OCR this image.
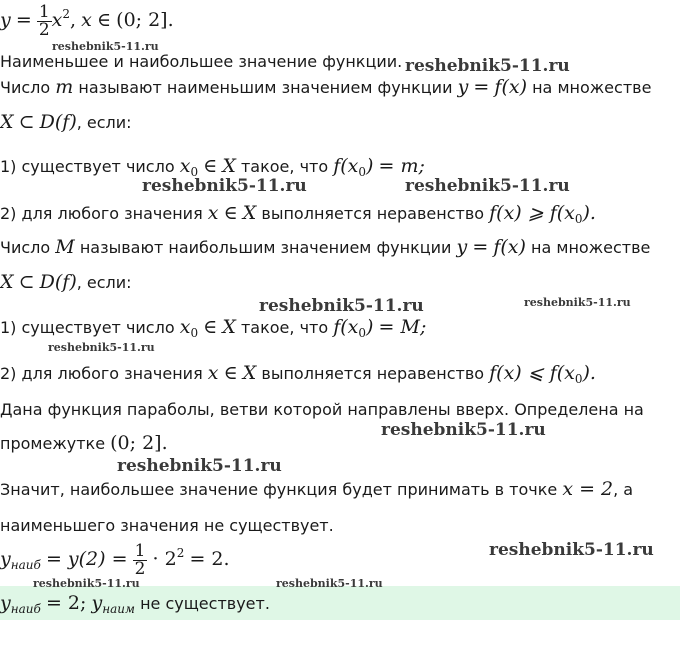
$y = \frac{1}{2} x^2$, x ∈ (0; 2].
Наименьшее и наибольшее значение функции.
Число m называют наименьшим значением функции y = f(x) на множестве
X ⊂ D(f), если:
1) существует число $x_0$ ∈ X такое, что $f(x_0) = m$;
2) для любого значения x ∈ X выполняется неравенство f(x) ⩾ $f(x_0)$.
Число M называют наибольшим значением функции y = f(x) на множестве
X ⊂ D(f), если:
1) существует число $x_0$ ∈ X такое, что $f(x_0) = M$;
2) для любого значения x ∈ X выполняется неравенство f(x) ⩽ $f(x_0)$.
Дана функция параболы, ветви которой направлены вверх. Определена на
промежутке (0; 2].
Значит, наибольшее значение функция будет принимать в точке x = 2, а
наименьшего значения не существует.
$y_{наиб} = y(2) = \frac{1}{2} \cdot 2^2 = 2$.
$y_{наиб} = 2$; $y_{наим}$ не существует.
reshebnik5-11.ru
reshebnik5-11.ru
reshebnik5-11.ru	reshebnik5-11.ru
reshebnik5-11.ru	reshebnik5-11.ru
reshebnik5-11.ru
reshebnik5-11.ru
reshebnik5-11.ru
reshebnik5-11.ru
reshebnik5-11.ru	reshebnik5-11.ru
